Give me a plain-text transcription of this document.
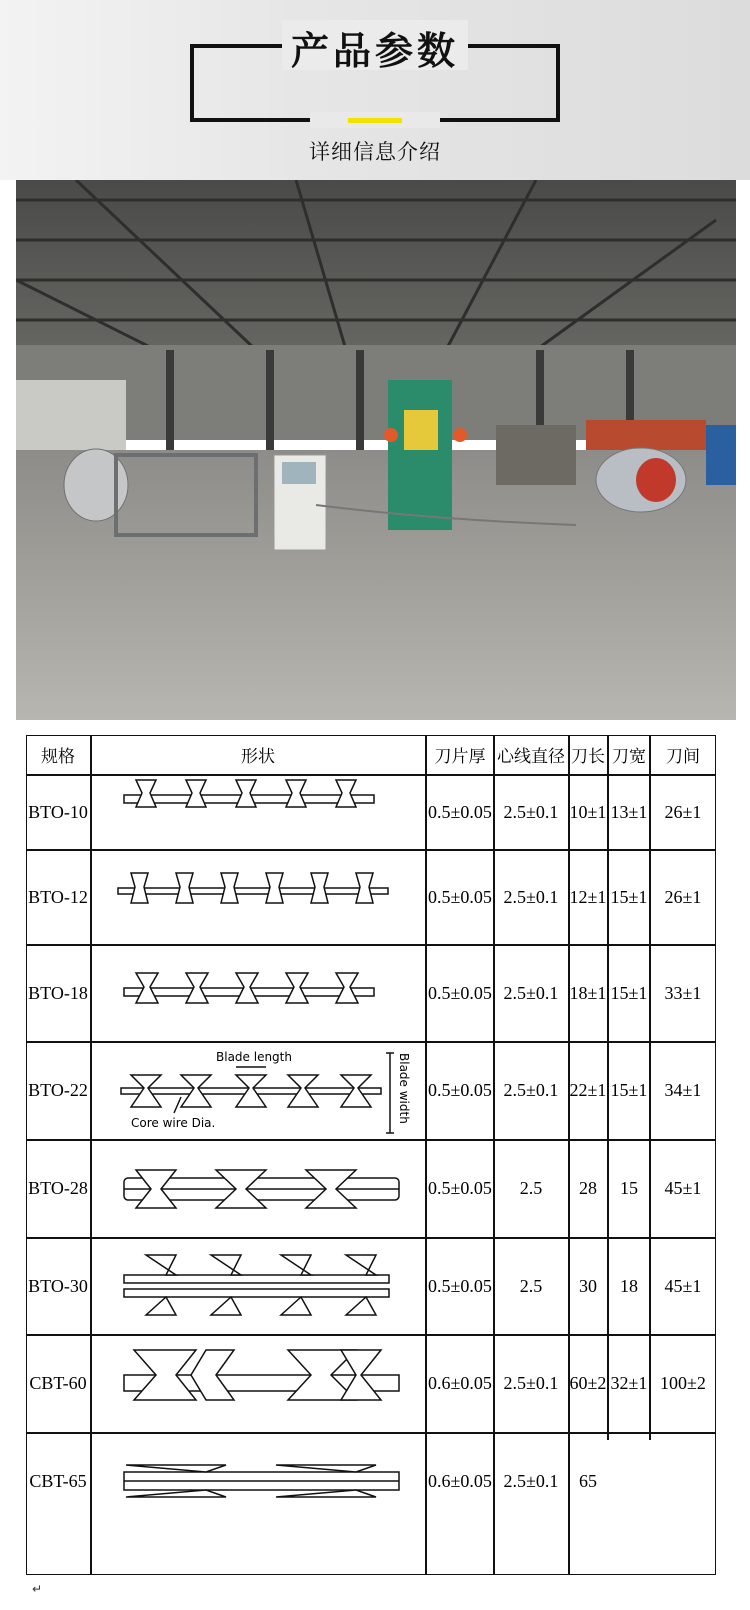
产品参数
详细信息介绍
规格	形状	刀片厚 心线直径 刀长 刀宽 刀间
BTO-10	0.5±0.05 2.5±0.1 10±1 13±1 26±1
BTO-12	0.5±0.05 2.5±0.1 12±1 15±1 26±1
BTO-18	0.5±0.05 2.5±0.1 18±1 15±1 33±1
BTO-22	0.5±0.05 2.5±0.1 22±1 15±1 34±1
BTO-28	0.5±0.05 2.5 28 15 45±1
BTO-30	0.5±0.05 2.5 30 18 45±1
CBT-60	0.6±0.05 2.5±0.1 60±2 32±1 100±2
CBT-65	0.6±0.05 2.5±0.1 65
Blade length
Core wire Dia.	Blade width
↵
